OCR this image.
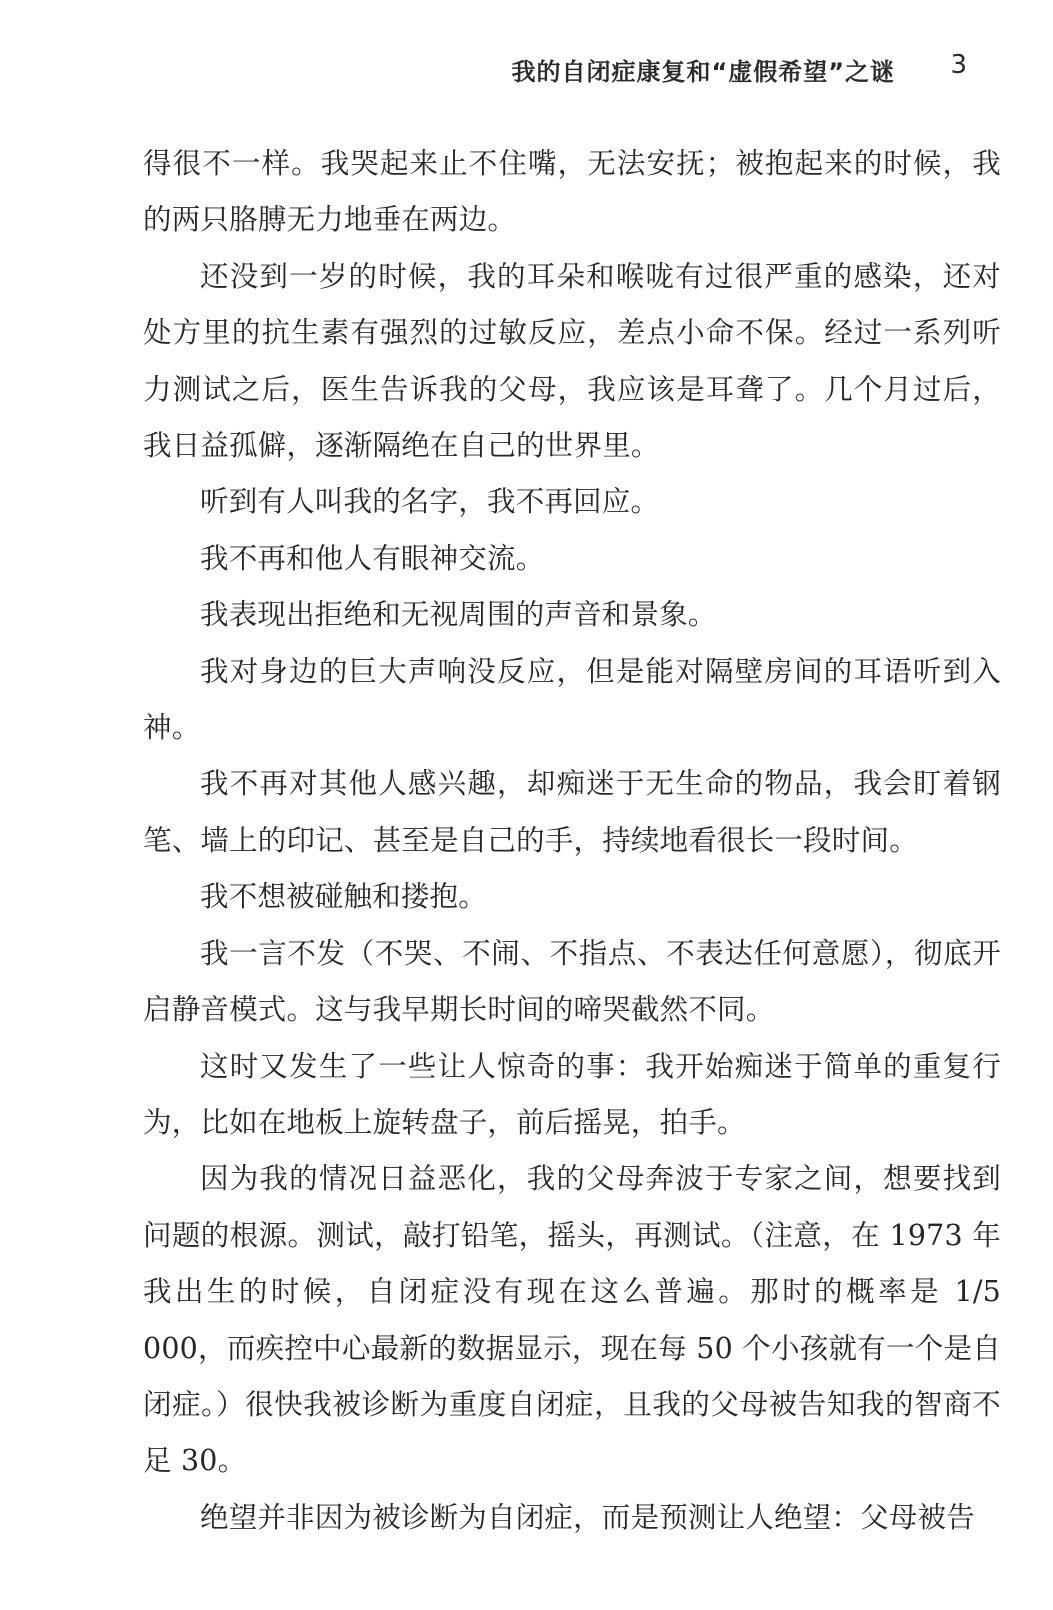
我的自闭症康复和“虚假希望”之谜 3

得很不一样。我哭起来止不住嘴，无法安抚；被抱起来的时候，我的两只胳膊无力地垂在两边。

还没到一岁的时候，我的耳朵和喉咙有过很严重的感染，还对处方里的抗生素有强烈的过敏反应，差点小命不保。经过一系列听力测试之后，医生告诉我的父母，我应该是耳聋了。几个月过后，我日益孤僻，逐渐隔绝在自己的世界里。

听到有人叫我的名字，我不再回应。

我不再和他人有眼神交流。

我表现出拒绝和无视周围的声音和景象。

我对身边的巨大声响没反应，但是能对隔壁房间的耳语听到入神。

我不再对其他人感兴趣，却痴迷于无生命的物品，我会盯着钢笔、墙上的印记、甚至是自己的手，持续地看很长一段时间。

我不想被碰触和搂抱。

我一言不发（不哭、不闹、不指点、不表达任何意愿），彻底开启静音模式。这与我早期长时间的啼哭截然不同。

这时又发生了一些让人惊奇的事：我开始痴迷于简单的重复行为，比如在地板上旋转盘子，前后摇晃，拍手。

因为我的情况日益恶化，我的父母奔波于专家之间，想要找到问题的根源。测试，敲打铅笔，摇头，再测试。（注意，在 1973 年我出生的时候，自闭症没有现在这么普遍。那时的概率是 1/5 000，而疾控中心最新的数据显示，现在每 50 个小孩就有一个是自闭症。）很快我被诊断为重度自闭症，且我的父母被告知我的智商不足 30。

绝望并非因为被诊断为自闭症，而是预测让人绝望：父母被告
